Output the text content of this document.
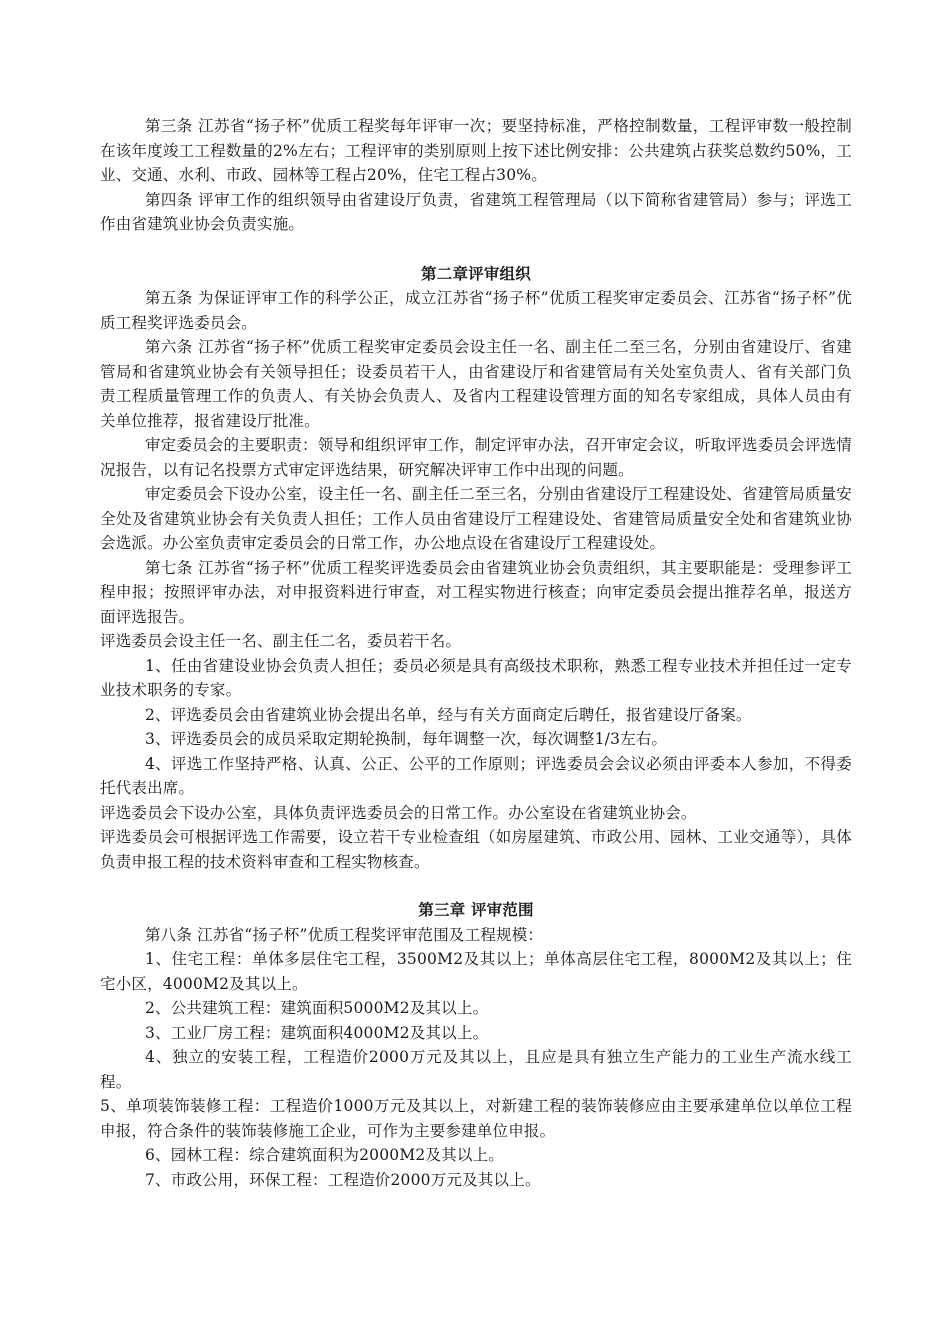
第三条 江苏省“扬子杯”优质工程奖每年评审一次；要坚持标准，严格控制数量，工程评审数一般控制在该年度竣工工程数量的2%左右；工程评审的类别原则上按下述比例安排：公共建筑占获奖总数约50%，工业、交通、水利、市政、园林等工程占20%，住宅工程占30%。

第四条 评审工作的组织领导由省建设厅负责，省建筑工程管理局（以下简称省建管局）参与；评选工作由省建筑业协会负责实施。

第二章评审组织

第五条 为保证评审工作的科学公正，成立江苏省“扬子杯”优质工程奖审定委员会、江苏省“扬子杯”优质工程奖评选委员会。

第六条 江苏省“扬子杯”优质工程奖审定委员会设主任一名、副主任二至三名，分别由省建设厅、省建管局和省建筑业协会有关领导担任；设委员若干人，由省建设厅和省建管局有关处室负责人、省有关部门负责工程质量管理工作的负责人、有关协会负责人、及省内工程建设管理方面的知名专家组成，具体人员由有关单位推荐，报省建设厅批准。

审定委员会的主要职责：领导和组织评审工作，制定评审办法，召开审定会议，听取评选委员会评选情况报告，以有记名投票方式审定评选结果，研究解决评审工作中出现的问题。

审定委员会下设办公室，设主任一名、副主任二至三名，分别由省建设厅工程建设处、省建管局质量安全处及省建筑业协会有关负责人担任；工作人员由省建设厅工程建设处、省建管局质量安全处和省建筑业协会选派。办公室负责审定委员会的日常工作，办公地点设在省建设厅工程建设处。

第七条 江苏省“扬子杯”优质工程奖评选委员会由省建筑业协会负责组织，其主要职能是：受理参评工程申报；按照评审办法，对申报资料进行审查，对工程实物进行核查；向审定委员会提出推荐名单，报送方面评选报告。

评选委员会设主任一名、副主任二名，委员若干名。

1、任由省建设业协会负责人担任；委员必须是具有高级技术职称，熟悉工程专业技术并担任过一定专业技术职务的专家。

2、评选委员会由省建筑业协会提出名单，经与有关方面商定后聘任，报省建设厅备案。

3、评选委员会的成员采取定期轮换制，每年调整一次，每次调整1/3左右。

4、评选工作坚持严格、认真、公正、公平的工作原则；评选委员会会议必须由评委本人参加，不得委托代表出席。

评选委员会下设办公室，具体负责评选委员会的日常工作。办公室设在省建筑业协会。

评选委员会可根据评选工作需要，设立若干专业检查组（如房屋建筑、市政公用、园林、工业交通等），具体负责申报工程的技术资料审查和工程实物核查。

第三章 评审范围

第八条 江苏省“扬子杯”优质工程奖评审范围及工程规模：

1、住宅工程：单体多层住宅工程，3500M2及其以上；单体高层住宅工程，8000M2及其以上；住宅小区，4000M2及其以上。

2、公共建筑工程：建筑面积5000M2及其以上。

3、工业厂房工程：建筑面积4000M2及其以上。

4、独立的安装工程，工程造价2000万元及其以上，且应是具有独立生产能力的工业生产流水线工程。

5、单项装饰装修工程：工程造价1000万元及其以上，对新建工程的装饰装修应由主要承建单位以单位工程申报，符合条件的装饰装修施工企业，可作为主要参建单位申报。

6、园林工程：综合建筑面积为2000M2及其以上。

7、市政公用，环保工程：工程造价2000万元及其以上。
